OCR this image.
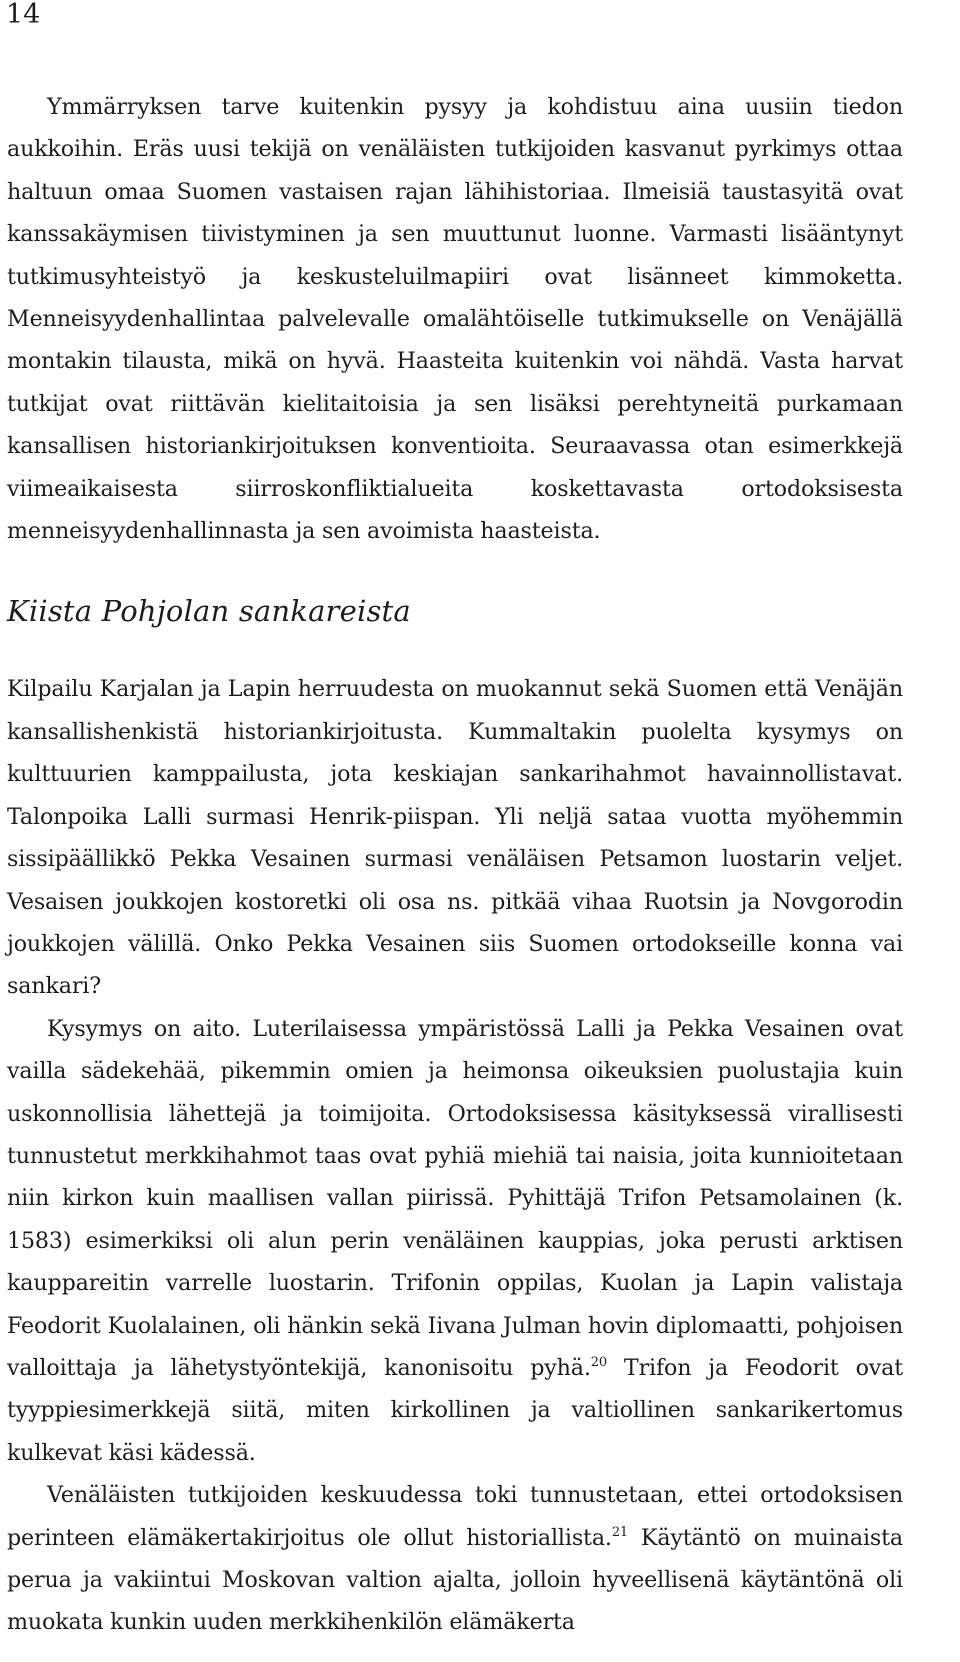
14

Ymmärryksen tarve kuitenkin pysyy ja kohdistuu aina uusiin tiedon aukkoihin. Eräs uusi tekijä on venäläisten tutkijoiden kasvanut pyrkimys ottaa haltuun omaa Suomen vastaisen rajan lähihistoriaa. Ilmeisiä taustasyitä ovat kanssakäymisen tiivistyminen ja sen muuttunut luonne. Varmasti lisääntynyt tutkimusyhteistyö ja keskusteluilmapiiri ovat lisänneet kimmoketta. Menneisyydenhallintaa palvelevalle omalähtöiselle tutkimukselle on Venäjällä montakin tilausta, mikä on hyvä. Haasteita kuitenkin voi nähdä. Vasta harvat tutkijat ovat riittävän kielitaitoisia ja sen lisäksi perehtyneitä purkamaan kansallisen historiankirjoituksen konventioita. Seuraavassa otan esimerkkejä viimeaikaisesta siirroskonfliktialueita koskettavasta ortodoksisesta menneisyydenhallinnasta ja sen avoimista haasteista.

Kiista Pohjolan sankareista

Kilpailu Karjalan ja Lapin herruudesta on muokannut sekä Suomen että Venäjän kansallishenkistä historiankirjoitusta. Kummaltakin puolelta kysymys on kulttuurien kamppailusta, jota keskiajan sankarihahmot havainnollistavat. Talonpoika Lalli surmasi Henrik-piispan. Yli neljä sataa vuotta myöhemmin sissipäällikkö Pekka Vesainen surmasi venäläisen Petsamon luostarin veljet. Vesaisen joukkojen kostoretki oli osa ns. pitkää vihaa Ruotsin ja Novgorodin joukkojen välillä. Onko Pekka Vesainen siis Suomen ortodokseille konna vai sankari?

Kysymys on aito. Luterilaisessa ympäristössä Lalli ja Pekka Vesainen ovat vailla sädekehää, pikemmin omien ja heimonsa oikeuksien puolustajia kuin uskonnollisia lähettejä ja toimijoita. Ortodoksisessa käsityksessä virallisesti tunnustetut merkkihahmot taas ovat pyhiä miehiä tai naisia, joita kunnioitetaan niin kirkon kuin maallisen vallan piirissä. Pyhittäjä Trifon Petsamolainen (k. 1583) esimerkiksi oli alun perin venäläinen kauppias, joka perusti arktisen kauppareitin varrelle luostarin. Trifonin oppilas, Kuolan ja Lapin valistaja Feodorit Kuolalainen, oli hänkin sekä Iivana Julman hovin diplomaatti, pohjoisen valloittaja ja lähetystyöntekijä, kanonisoitu pyhä.$^{20}$ Trifon ja Feodorit ovat tyyppiesimerkkejä siitä, miten kirkollinen ja valtiollinen sankarikertomus kulkevat käsi kädessä.

Venäläisten tutkijoiden keskuudessa toki tunnustetaan, ettei ortodoksisen perinteen elämäkertakirjoitus ole ollut historiallista.$^{21}$ Käytäntö on muinaista perua ja vakiintui Moskovan valtion ajalta, jolloin hyveellisenä käytäntönä oli muokata kunkin uuden merkkihenkilön elämäkerta
